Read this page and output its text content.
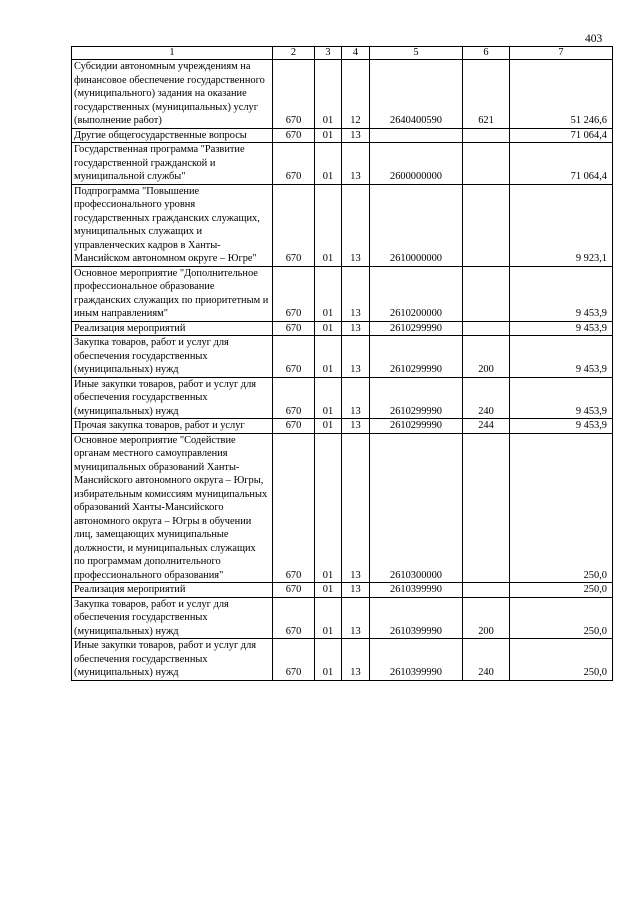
403
1	2	3	4	5	6	7
Субсидии автономным учреждениям на финансовое обеспечение государственного (муниципального) задания на оказание государственных (муниципальных) услуг (выполнение работ)	670	01	12	2640400590	621	51 246,6
Другие общегосударственные вопросы	670	01	13			71 064,4
Государственная программа "Развитие государственной гражданской и муниципальной службы"	670	01	13	2600000000		71 064,4
Подпрограмма "Повышение профессионального уровня государственных гражданских служащих, муниципальных служащих и управленческих кадров в Ханты-Мансийском автономном округе – Югре"	670	01	13	2610000000		9 923,1
Основное мероприятие "Дополнительное профессиональное образование гражданских служащих по приоритетным и иным направлениям"	670	01	13	2610200000		9 453,9
Реализация мероприятий	670	01	13	2610299990		9 453,9
Закупка товаров, работ и услуг для обеспечения государственных (муниципальных) нужд	670	01	13	2610299990	200	9 453,9
Иные закупки товаров, работ и услуг для обеспечения государственных (муниципальных) нужд	670	01	13	2610299990	240	9 453,9
Прочая закупка товаров, работ и услуг	670	01	13	2610299990	244	9 453,9
Основное мероприятие "Содействие органам местного самоуправления муниципальных образований Ханты-Мансийского автономного округа – Югры, избирательным комиссиям муниципальных образований Ханты-Мансийского автономного округа – Югры в обучении лиц, замещающих муниципальные должности, и муниципальных служащих по программам дополнительного профессионального образования"	670	01	13	2610300000		250,0
Реализация мероприятий	670	01	13	2610399990		250,0
Закупка товаров, работ и услуг для обеспечения государственных (муниципальных) нужд	670	01	13	2610399990	200	250,0
Иные закупки товаров, работ и услуг для обеспечения государственных (муниципальных) нужд	670	01	13	2610399990	240	250,0
